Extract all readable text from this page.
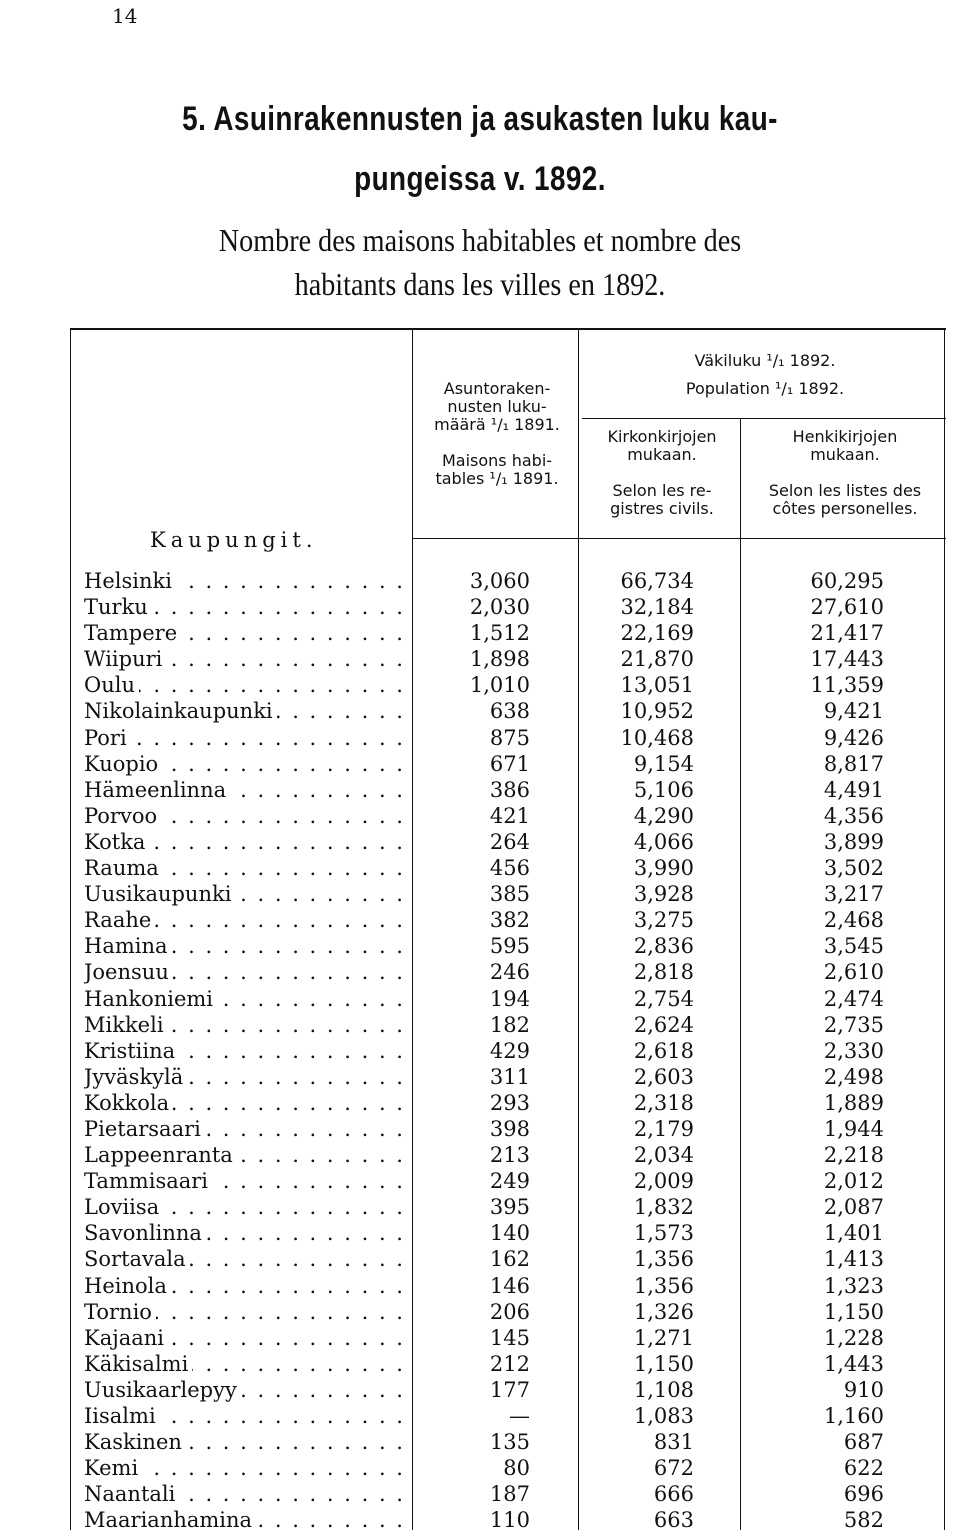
14
5. Asuinrakennusten ja asukasten luku kau-
pungeissa v. 1892.
Nombre des maisons habitables et nombre des
habitants dans les villes en 1892.
Asuntoraken-
nusten luku-
määrä ¹/₁ 1891.
Maisons habi-
tables ¹/₁ 1891.
Väkiluku ¹/₁ 1892.
Population ¹/₁ 1892.
Kirkonkirjojen
mukaan.
Selon les re-
gistres civils.
Henkikirjojen
mukaan.
Selon les listes des
côtes personelles.
Kaupungit.
Helsinki . . .	3,060	66,734	60,295
Turku . . .	2,030	32,184	27,610
Tampere . . .	1,512	22,169	21,417
Wiipuri . . .	1,898	21,870	17,443
Oulu . . .	1,010	13,051	11,359
Nikolainkaupunki . . .	638	10,952	9,421
Pori . . .	875	10,468	9,426
Kuopio . . .	671	9,154	8,817
Hämeenlinna . . .	386	5,106	4,491
Porvoo . . .	421	4,290	4,356
Kotka . . .	264	4,066	3,899
Rauma . . .	456	3,990	3,502
Uusikaupunki . . .	385	3,928	3,217
Raahe . . .	382	3,275	2,468
Hamina . . .	595	2,836	3,545
Joensuu . . .	246	2,818	2,610
Hankoniemi . . .	194	2,754	2,474
Mikkeli . . .	182	2,624	2,735
Kristiina . . .	429	2,618	2,330
Jyväskylä . . .	311	2,603	2,498
Kokkola . . .	293	2,318	1,889
Pietarsaari . . .	398	2,179	1,944
Lappeenranta . . .	213	2,034	2,218
Tammisaari . . .	249	2,009	2,012
Loviisa . . .	395	1,832	2,087
Savonlinna . . .	140	1,573	1,401
Sortavala . . .	162	1,356	1,413
Heinola . . .	146	1,356	1,323
Tornio . . .	206	1,326	1,150
Kajaani . . .	145	1,271	1,228
Käkisalmi . . .	212	1,150	1,443
Uusikaarlepyy . . .	177	1,108	910
Iisalmi . . .	—	1,083	1,160
Kaskinen . . .	135	831	687
Kemi . . .	80	672	622
Naantali . . .	187	666	696
Maarianhamina . . .	110	663	582
